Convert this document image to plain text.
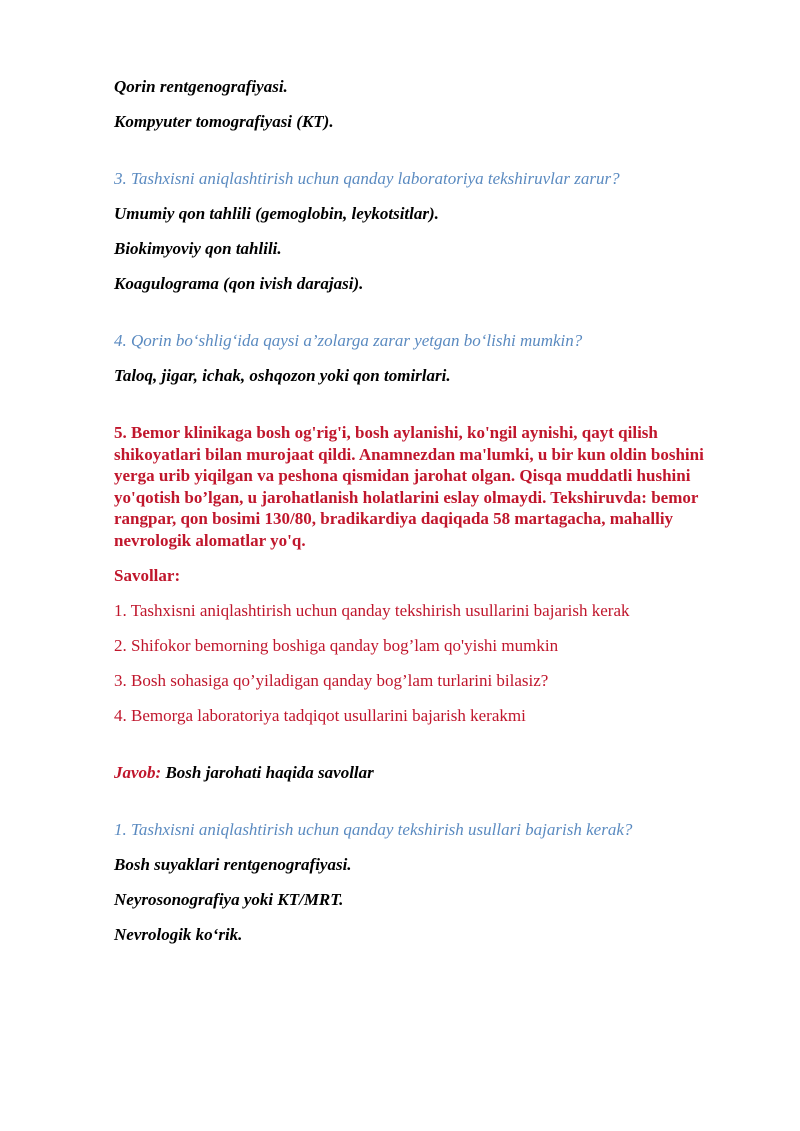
Qorin rentgenografiyasi.

Kompyuter tomografiyasi (KT).

3. Tashxisni aniqlashtirish uchun qanday laboratoriya tekshiruvlar zarur?

Umumiy qon tahlili (gemoglobin, leykotsitlar).

Biokimyoviy qon tahlili.

Koagulograma (qon ivish darajasi).

4. Qorin bo‘shlig‘ida qaysi a’zolarga zarar yetgan bo‘lishi mumkin?

Taloq, jigar, ichak, oshqozon yoki qon tomirlari.

5. Bemor klinikaga bosh og'rig'i, bosh aylanishi, ko'ngil aynishi, qayt qilish shikoyatlari bilan murojaat qildi. Anamnezdan ma'lumki, u bir kun oldin boshini yerga urib yiqilgan va peshona qismidan jarohat olgan. Qisqa muddatli hushini yo'qotish bo’lgan, u jarohatlanish holatlarini eslay olmaydi. Tekshiruvda: bemor rangpar, qon bosimi 130/80, bradikardiya daqiqada 58 martagacha, mahalliy nevrologik alomatlar yo'q.

Savollar:

1. Tashxisni aniqlashtirish uchun qanday tekshirish usullarini bajarish kerak

2. Shifokor bemorning boshiga qanday bog’lam qo'yishi mumkin

3. Bosh sohasiga qo’yiladigan qanday bog’lam turlarini bilasiz?

4. Bemorga laboratoriya tadqiqot usullarini bajarish kerakmi

Javob: Bosh jarohati haqida savollar

1. Tashxisni aniqlashtirish uchun qanday tekshirish usullari bajarish kerak?

Bosh suyaklari rentgenografiyasi.

Neyrosonografiya yoki KT/MRT.

Nevrologik ko‘rik.
